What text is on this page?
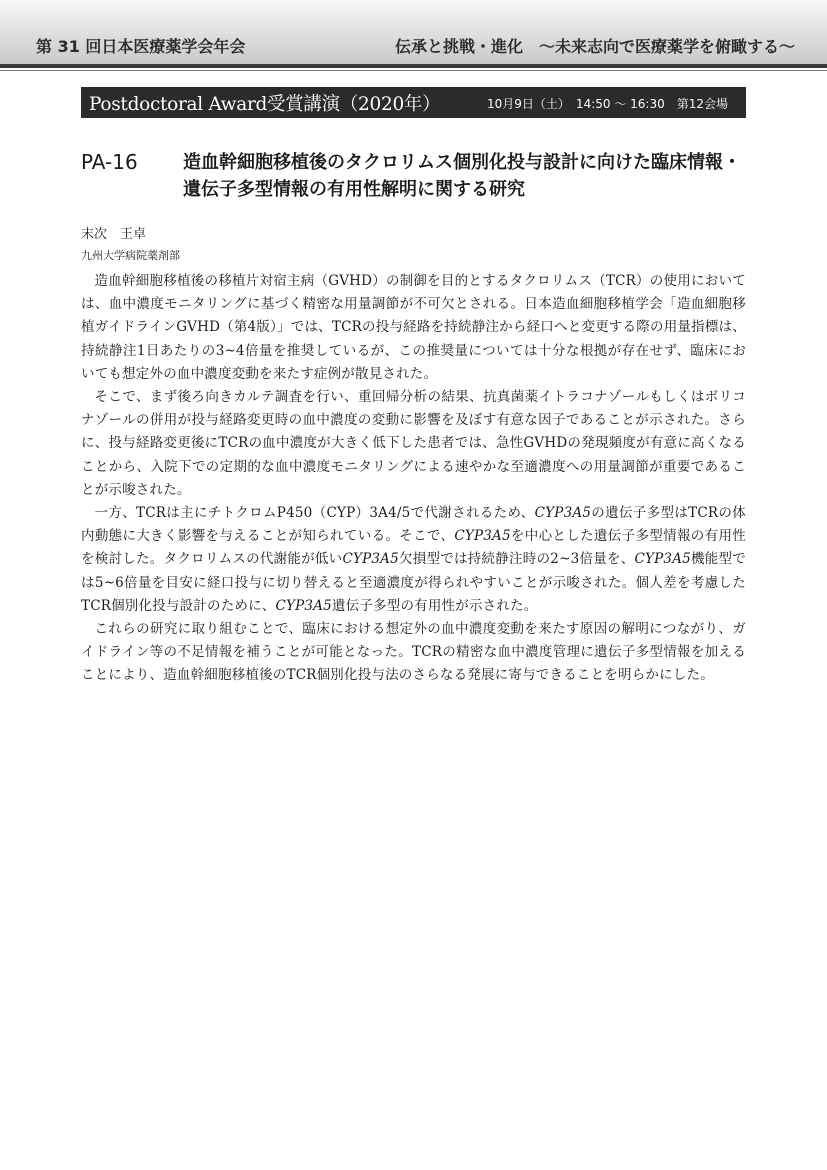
第 31 回日本医療薬学会年会	伝承と挑戦・進化　〜未来志向で医療薬学を俯瞰する〜
Postdoctoral Award受賞講演（2020年）	10月9日（土）　14:50 〜 16:30　第12会場
PA-16	造血幹細胞移植後のタクロリムス個別化投与設計に向けた臨床情報・遺伝子多型情報の有用性解明に関する研究
末次　王卓
九州大学病院薬剤部

造血幹細胞移植後の移植片対宿主病（GVHD）の制御を目的とするタクロリムス（TCR）の使用においては、血中濃度モニタリングに基づく精密な用量調節が不可欠とされる。日本造血細胞移植学会「造血細胞移植ガイドラインGVHD（第4版）」では、TCRの投与経路を持続静注から経口へと変更する際の用量指標は、持続静注1日あたりの3~4倍量を推奨しているが、この推奨量については十分な根拠が存在せず、臨床においても想定外の血中濃度変動を来たす症例が散見された。

そこで、まず後ろ向きカルテ調査を行い、重回帰分析の結果、抗真菌薬イトラコナゾールもしくはボリコナゾールの併用が投与経路変更時の血中濃度の変動に影響を及ぼす有意な因子であることが示された。さらに、投与経路変更後にTCRの血中濃度が大きく低下した患者では、急性GVHDの発現頻度が有意に高くなることから、入院下での定期的な血中濃度モニタリングによる速やかな至適濃度への用量調節が重要であることが示唆された。

一方、TCRは主にチトクロムP450（CYP）3A4/5で代謝されるため、CYP3A5の遺伝子多型はTCRの体内動態に大きく影響を与えることが知られている。そこで、CYP3A5を中心とした遺伝子多型情報の有用性を検討した。タクロリムスの代謝能が低いCYP3A5欠損型では持続静注時の2~3倍量を、CYP3A5機能型では5~6倍量を目安に経口投与に切り替えると至適濃度が得られやすいことが示唆された。個人差を考慮したTCR個別化投与設計のために、CYP3A5遺伝子多型の有用性が示された。

これらの研究に取り組むことで、臨床における想定外の血中濃度変動を来たす原因の解明につながり、ガイドライン等の不足情報を補うことが可能となった。TCRの精密な血中濃度管理に遺伝子多型情報を加えることにより、造血幹細胞移植後のTCR個別化投与法のさらなる発展に寄与できることを明らかにした。
